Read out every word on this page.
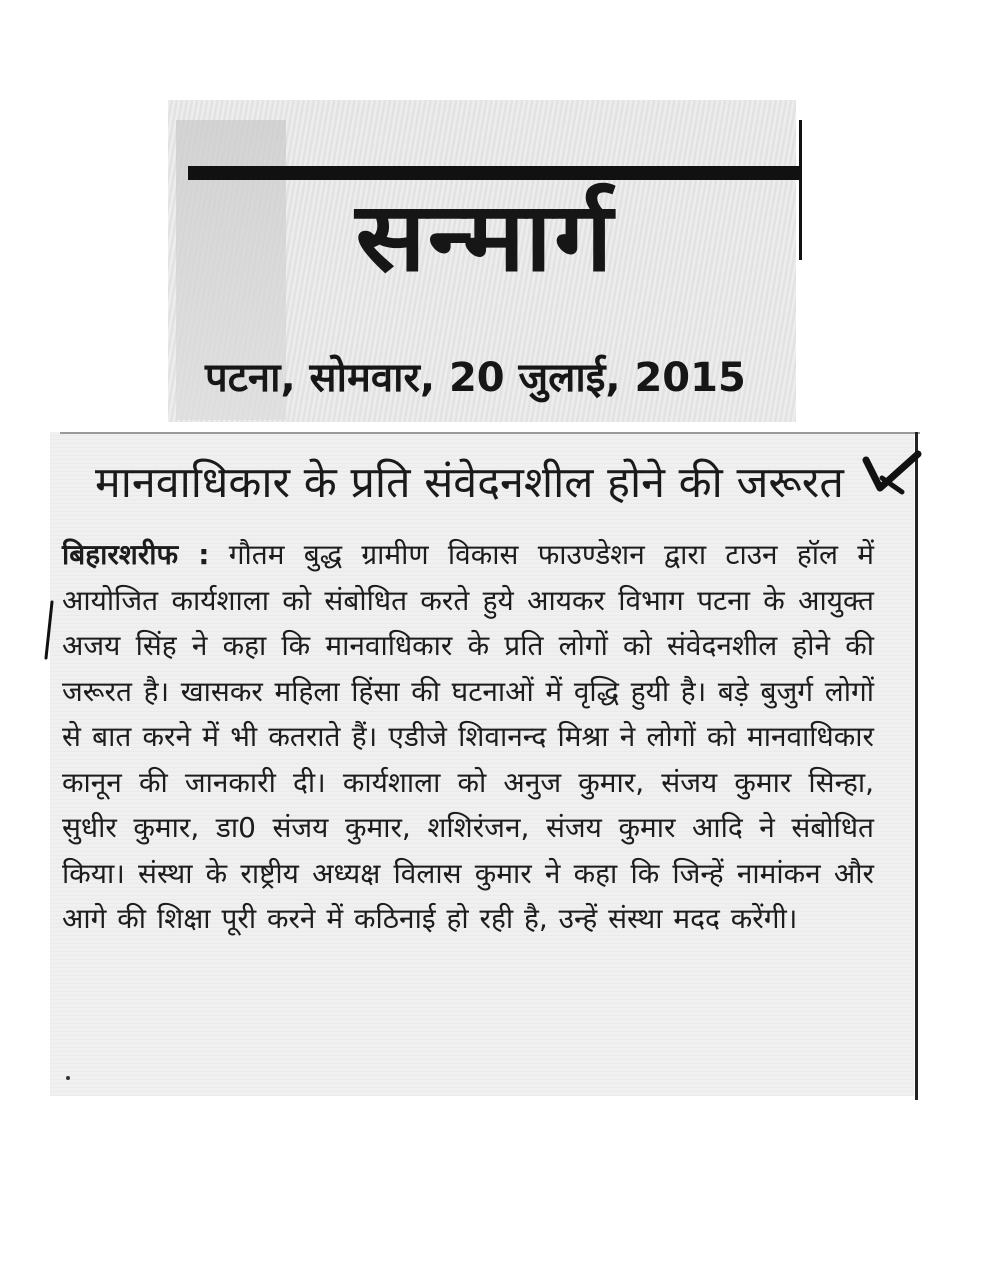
सन्मार्ग
पटना, सोमवार, 20 जुलाई, 2015
मानवाधिकार के प्रति संवेदनशील होने की जरूरत
बिहारशरीफ : गौतम बुद्ध ग्रामीण विकास फाउण्डेशन द्वारा टाउन हॉल में आयोजित कार्यशाला को संबोधित करते हुये आयकर विभाग पटना के आयुक्त अजय सिंह ने कहा कि मानवाधिकार के प्रति लोगों को संवेदनशील होने की जरूरत है। खासकर महिला हिंसा की घटनाओं में वृद्धि हुयी है। बड़े बुजुर्ग लोगों से बात करने में भी कतराते हैं। एडीजे शिवानन्द मिश्रा ने लोगों को मानवाधिकार कानून की जानकारी दी। कार्यशाला को अनुज कुमार, संजय कुमार सिन्हा, सुधीर कुमार, डा0 संजय कुमार, शशिरंजन, संजय कुमार आदि ने संबोधित किया। संस्था के राष्ट्रीय अध्यक्ष विलास कुमार ने कहा कि जिन्हें नामांकन और आगे की शिक्षा पूरी करने में कठिनाई हो रही है, उन्हें संस्था मदद करेंगी।
